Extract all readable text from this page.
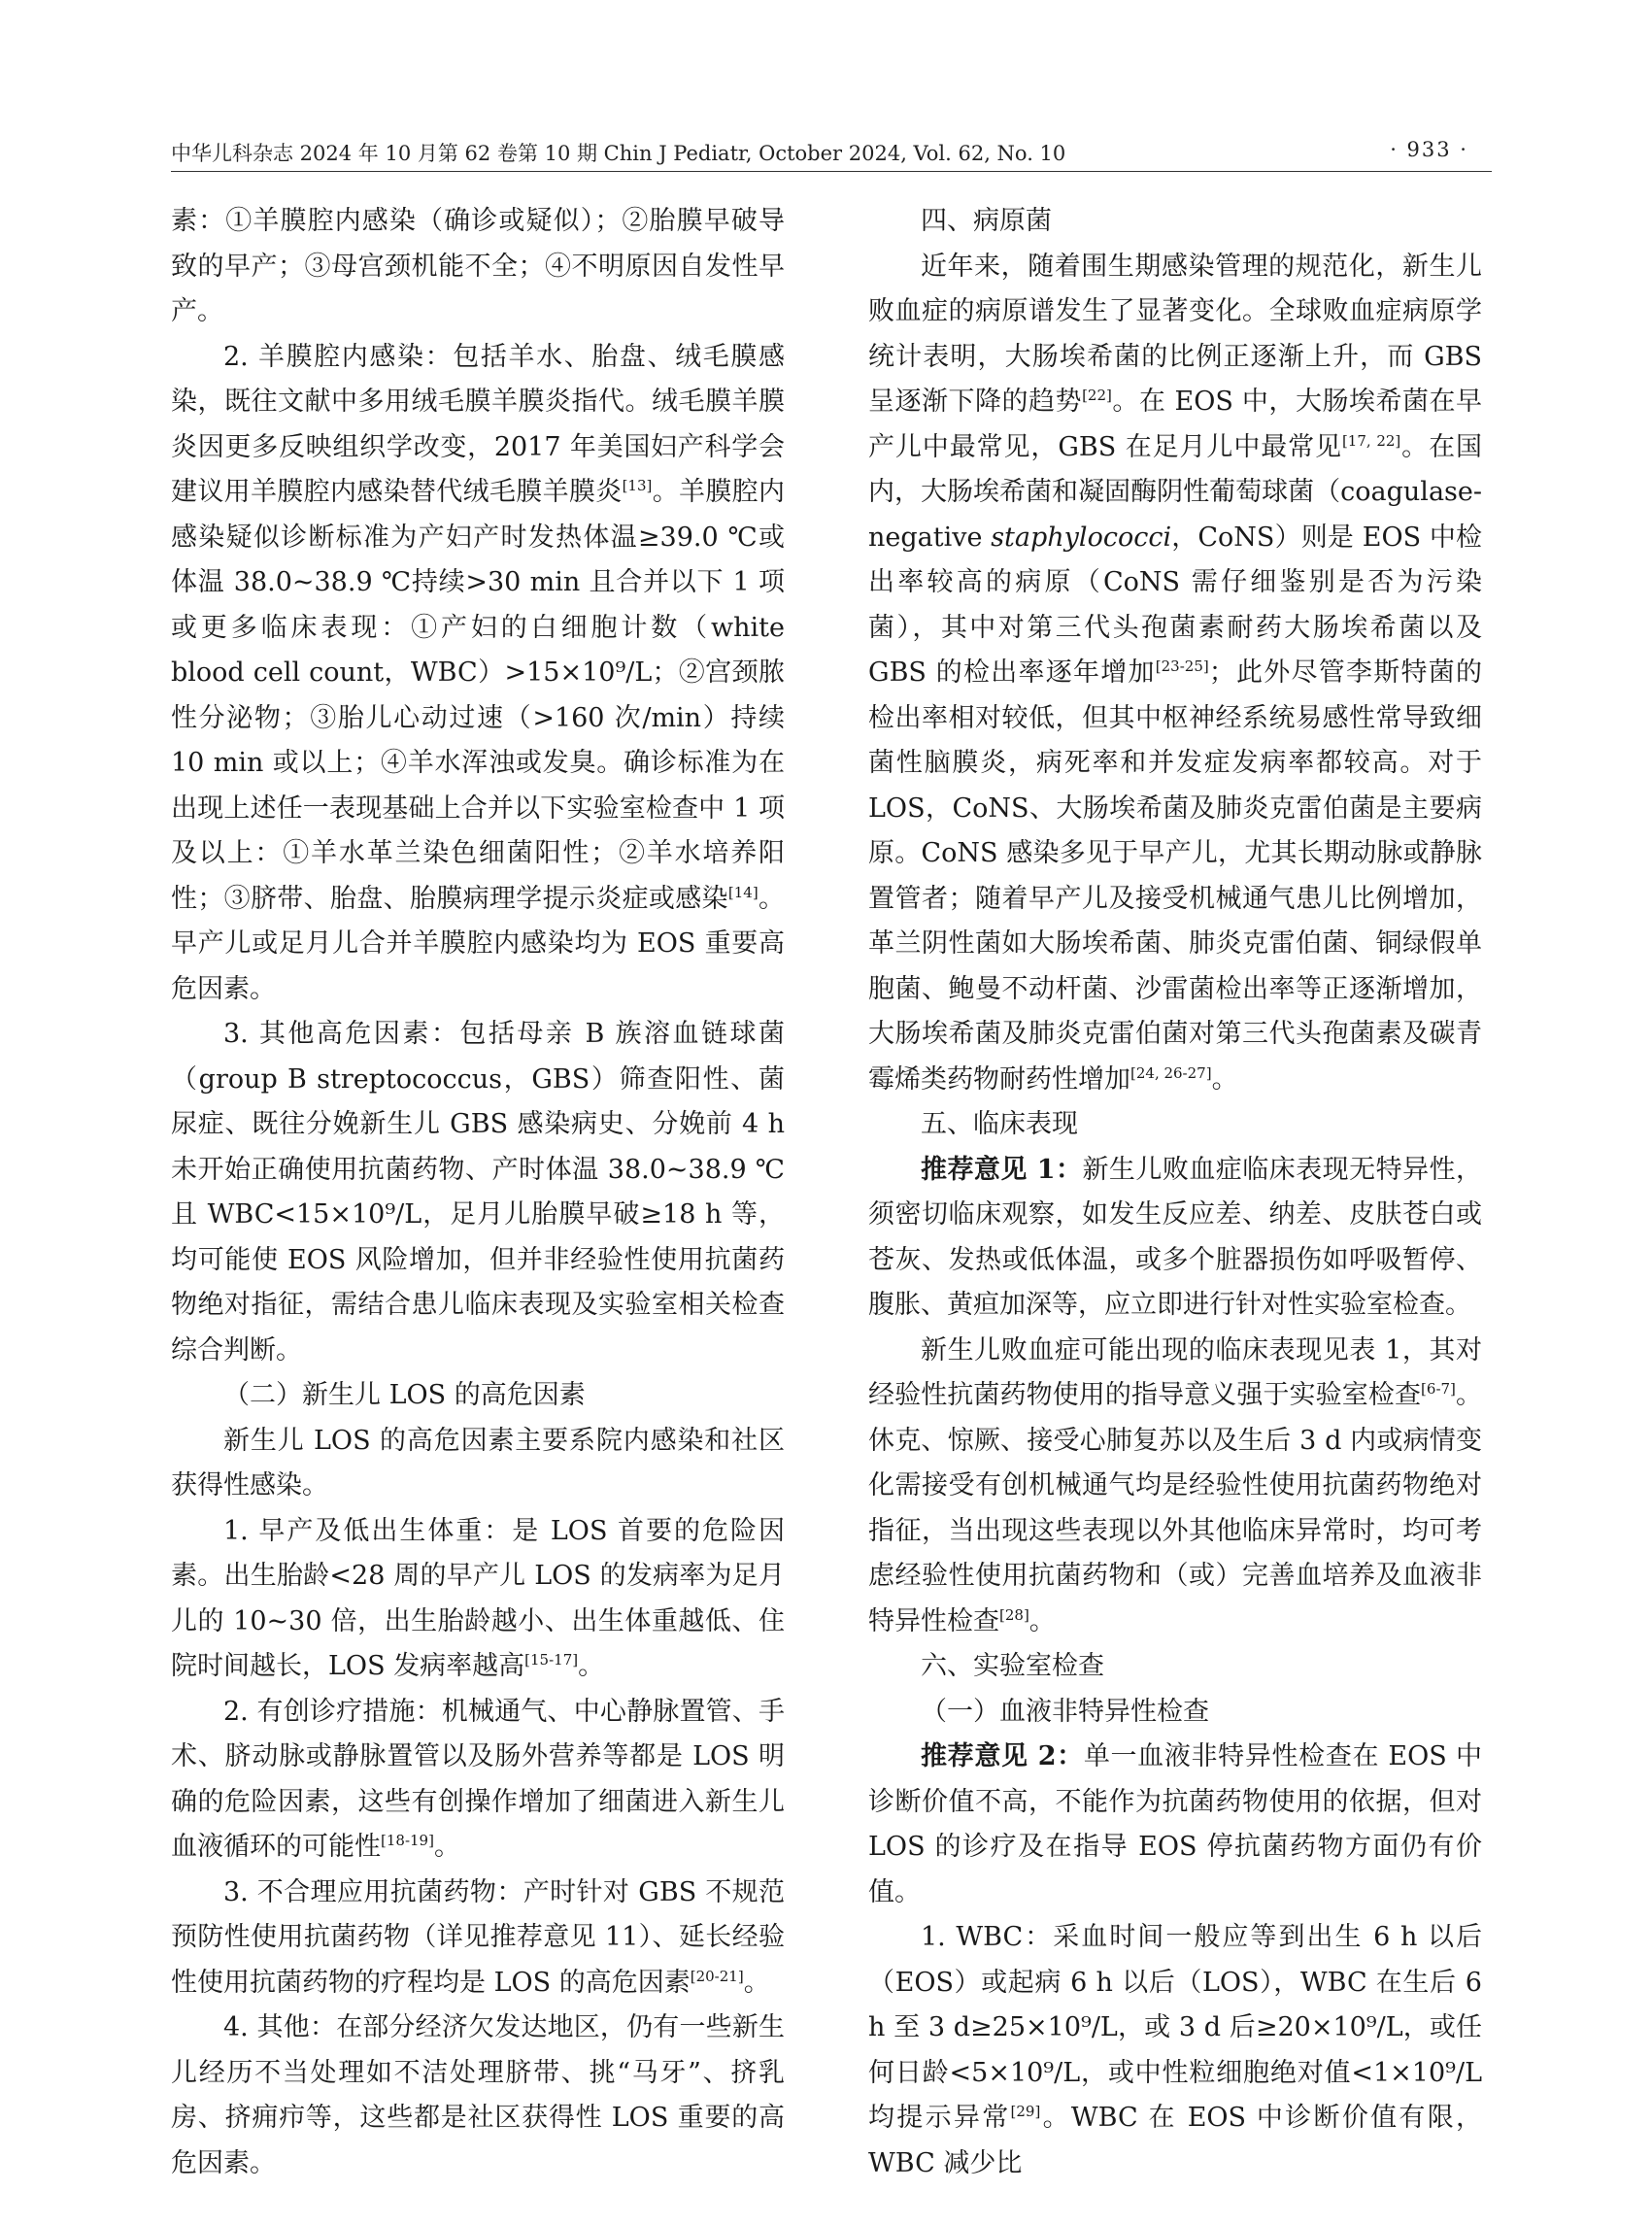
中华儿科杂志 2024 年 10 月第 62 卷第 10 期 Chin J Pediatr, October 2024, Vol. 62, No. 10	· 933 ·

素：①羊膜腔内感染（确诊或疑似）；②胎膜早破导致的早产；③母宫颈机能不全；④不明原因自发性早产。

2. 羊膜腔内感染：包括羊水、胎盘、绒毛膜感染，既往文献中多用绒毛膜羊膜炎指代。绒毛膜羊膜炎因更多反映组织学改变，2017 年美国妇产科学会建议用羊膜腔内感染替代绒毛膜羊膜炎[13]。羊膜腔内感染疑似诊断标准为产妇产时发热体温≥39.0 ℃或体温 38.0~38.9 ℃持续>30 min 且合并以下 1 项或更多临床表现：①产妇的白细胞计数（white blood cell count，WBC）>15×10⁹/L；②宫颈脓性分泌物；③胎儿心动过速（>160 次/min）持续 10 min 或以上；④羊水浑浊或发臭。确诊标准为在出现上述任一表现基础上合并以下实验室检查中 1 项及以上：①羊水革兰染色细菌阳性；②羊水培养阳性；③脐带、胎盘、胎膜病理学提示炎症或感染[14]。早产儿或足月儿合并羊膜腔内感染均为 EOS 重要高危因素。

3. 其他高危因素：包括母亲 B 族溶血链球菌（group B streptococcus，GBS）筛查阳性、菌尿症、既往分娩新生儿 GBS 感染病史、分娩前 4 h 未开始正确使用抗菌药物、产时体温 38.0~38.9 ℃且 WBC<15×10⁹/L，足月儿胎膜早破≥18 h 等，均可能使 EOS 风险增加，但并非经验性使用抗菌药物绝对指征，需结合患儿临床表现及实验室相关检查综合判断。

（二）新生儿 LOS 的高危因素

新生儿 LOS 的高危因素主要系院内感染和社区获得性感染。

1. 早产及低出生体重：是 LOS 首要的危险因素。出生胎龄<28 周的早产儿 LOS 的发病率为足月儿的 10~30 倍，出生胎龄越小、出生体重越低、住院时间越长，LOS 发病率越高[15-17]。

2. 有创诊疗措施：机械通气、中心静脉置管、手术、脐动脉或静脉置管以及肠外营养等都是 LOS 明确的危险因素，这些有创操作增加了细菌进入新生儿血液循环的可能性[18-19]。

3. 不合理应用抗菌药物：产时针对 GBS 不规范预防性使用抗菌药物（详见推荐意见 11）、延长经验性使用抗菌药物的疗程均是 LOS 的高危因素[20-21]。

4. 其他：在部分经济欠发达地区，仍有一些新生儿经历不当处理如不洁处理脐带、挑“马牙”、挤乳房、挤痈疖等，这些都是社区获得性 LOS 重要的高危因素。

四、病原菌

近年来，随着围生期感染管理的规范化，新生儿败血症的病原谱发生了显著变化。全球败血症病原学统计表明，大肠埃希菌的比例正逐渐上升，而 GBS 呈逐渐下降的趋势[22]。在 EOS 中，大肠埃希菌在早产儿中最常见，GBS 在足月儿中最常见[17, 22]。在国内，大肠埃希菌和凝固酶阴性葡萄球菌（coagulase-negative staphylococci，CoNS）则是 EOS 中检出率较高的病原（CoNS 需仔细鉴别是否为污染菌），其中对第三代头孢菌素耐药大肠埃希菌以及 GBS 的检出率逐年增加[23-25]；此外尽管李斯特菌的检出率相对较低，但其中枢神经系统易感性常导致细菌性脑膜炎，病死率和并发症发病率都较高。对于 LOS，CoNS、大肠埃希菌及肺炎克雷伯菌是主要病原。CoNS 感染多见于早产儿，尤其长期动脉或静脉置管者；随着早产儿及接受机械通气患儿比例增加，革兰阴性菌如大肠埃希菌、肺炎克雷伯菌、铜绿假单胞菌、鲍曼不动杆菌、沙雷菌检出率等正逐渐增加，大肠埃希菌及肺炎克雷伯菌对第三代头孢菌素及碳青霉烯类药物耐药性增加[24, 26-27]。

五、临床表现

推荐意见 1：新生儿败血症临床表现无特异性，须密切临床观察，如发生反应差、纳差、皮肤苍白或苍灰、发热或低体温，或多个脏器损伤如呼吸暂停、腹胀、黄疸加深等，应立即进行针对性实验室检查。

新生儿败血症可能出现的临床表现见表 1，其对经验性抗菌药物使用的指导意义强于实验室检查[6-7]。休克、惊厥、接受心肺复苏以及生后 3 d 内或病情变化需接受有创机械通气均是经验性使用抗菌药物绝对指征，当出现这些表现以外其他临床异常时，均可考虑经验性使用抗菌药物和（或）完善血培养及血液非特异性检查[28]。

六、实验室检查

（一）血液非特异性检查

推荐意见 2：单一血液非特异性检查在 EOS 中诊断价值不高，不能作为抗菌药物使用的依据，但对 LOS 的诊疗及在指导 EOS 停抗菌药物方面仍有价值。

1. WBC：采血时间一般应等到出生 6 h 以后（EOS）或起病 6 h 以后（LOS），WBC 在生后 6 h 至 3 d≥25×10⁹/L，或 3 d 后≥20×10⁹/L，或任何日龄<5×10⁹/L，或中性粒细胞绝对值<1×10⁹/L 均提示异常[29]。WBC 在 EOS 中诊断价值有限，WBC 减少比
